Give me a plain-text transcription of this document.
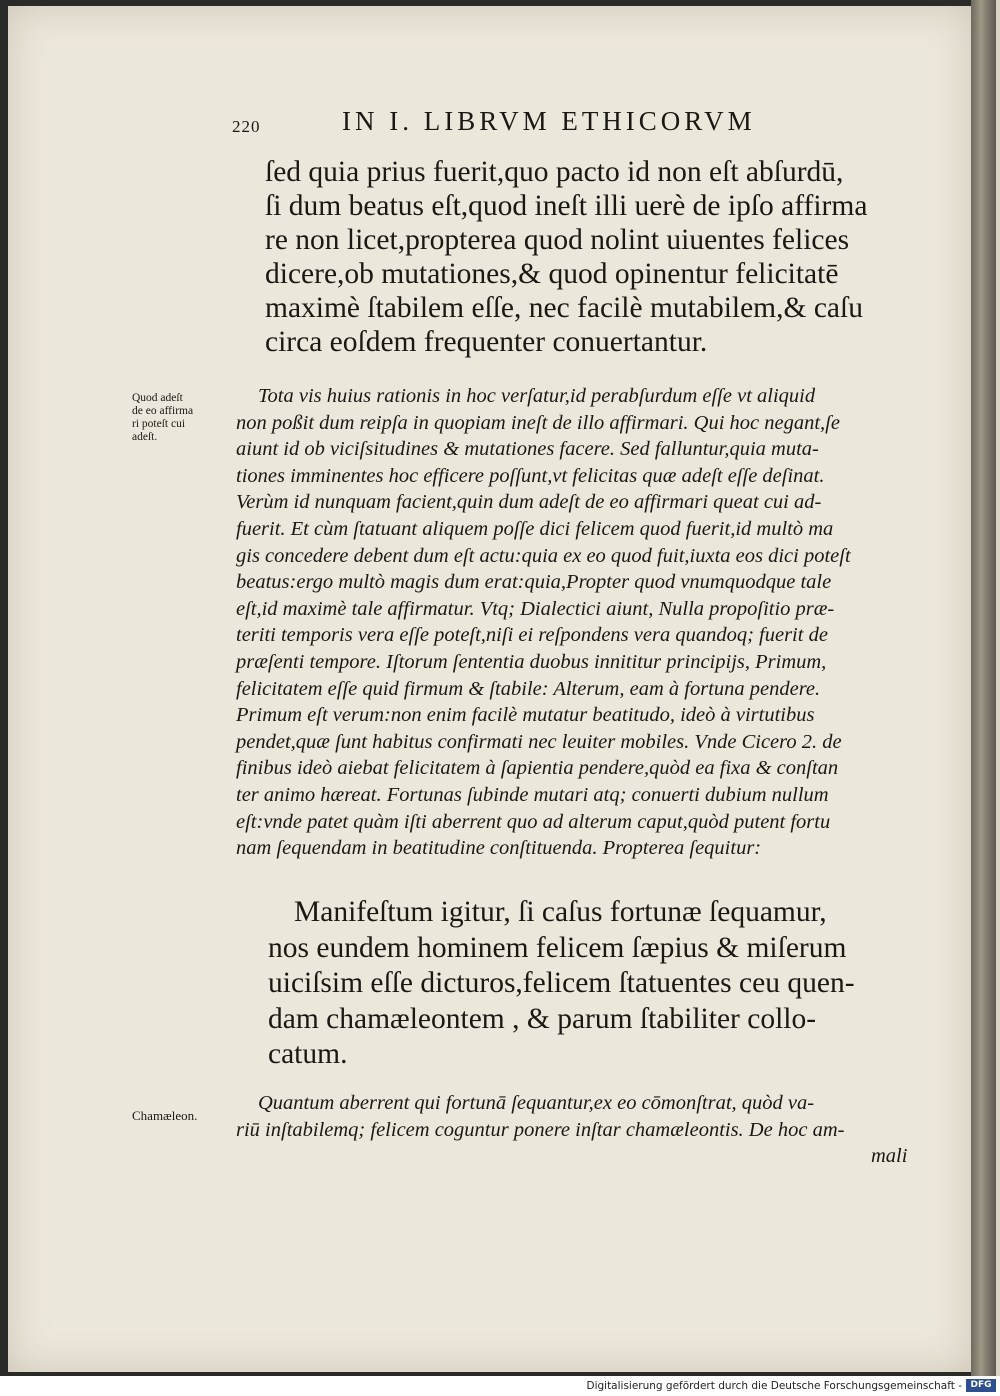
220	IN I. LIBRVM ETHICORVM
ſed quia prius fuerit,quo pacto id non eſt abſurdū,
ſi dum beatus eſt,quod ineſt illi uerè de ipſo affirma
re non licet,propterea quod nolint uiuentes felices
dicere,ob mutationes,& quod opinentur felicitatē
maximè ſtabilem eſſe, nec facilè mutabilem,& caſu
circa eoſdem frequenter conuertantur.
Quod adeſt
de eo affirma
ri poteſt cui
adeſt.
Tota vis huius rationis in hoc verſatur,id perabſurdum eſſe vt aliquid
non poßit dum reipſa in quopiam ineſt de illo affirmari. Qui hoc negant,ſe
aiunt id ob viciſsitudines & mutationes facere. Sed falluntur,quia muta-
tiones imminentes hoc efficere poſſunt,vt felicitas quæ adeſt eſſe deſinat.
Verùm id nunquam facient,quin dum adeſt de eo affirmari queat cui ad-
fuerit. Et cùm ſtatuant aliquem poſſe dici felicem quod fuerit,id multò ma
gis concedere debent dum eſt actu:quia ex eo quod fuit,iuxta eos dici poteſt
beatus:ergo multò magis dum erat:quia,Propter quod vnumquodque tale
eſt,id maximè tale affirmatur. Vtq; Dialectici aiunt, Nulla propoſitio præ-
teriti temporis vera eſſe poteſt,niſi ei reſpondens vera quandoq; fuerit de
præſenti tempore. Iſtorum ſententia duobus innititur principijs, Primum,
felicitatem eſſe quid firmum & ſtabile: Alterum, eam à fortuna pendere.
Primum eſt verum:non enim facilè mutatur beatitudo, ideò à virtutibus
pendet,quæ ſunt habitus confirmati nec leuiter mobiles. Vnde Cicero 2. de
finibus ideò aiebat felicitatem à ſapientia pendere,quòd ea fixa & conſtan
ter animo hæreat. Fortunas ſubinde mutari atq; conuerti dubium nullum
eſt:vnde patet quàm iſti aberrent quo ad alterum caput,quòd putent fortu
nam ſequendam in beatitudine conſtituenda. Propterea ſequitur:
Manifeſtum igitur, ſi caſus fortunæ ſequamur,
nos eundem hominem felicem ſæpius & miſerum
uiciſsim eſſe dicturos,felicem ſtatuentes ceu quen-
dam chamæleontem , & parum ſtabiliter collo-
catum.
Chamæleon.
Quantum aberrent qui fortunā ſequantur,ex eo cōmonſtrat, quòd va-
riū inſtabilemq; felicem coguntur ponere inſtar chamæleontis. De hoc am-
mali
Digitalisierung gefördert durch die Deutsche Forschungsgemeinschaft - DFG
